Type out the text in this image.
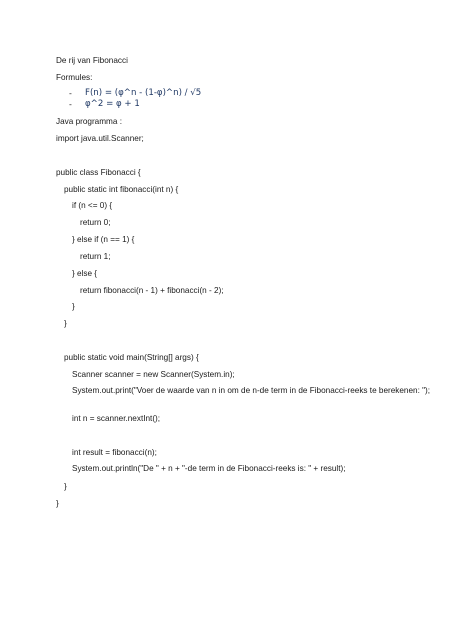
De rij van Fibonacci
Formules:
- F(n) = (φ^n - (1-φ)^n) / √5
- φ^2 = φ + 1
Java programma :
import java.util.Scanner;
public class Fibonacci {
public static int fibonacci(int n) {
if (n <= 0) {
return 0;
} else if (n == 1) {
return 1;
} else {
return fibonacci(n - 1) + fibonacci(n - 2);
}
}
public static void main(String[] args) {
Scanner scanner = new Scanner(System.in);
System.out.print("Voer de waarde van n in om de n-de term in de Fibonacci-reeks te berekenen: ");
int n = scanner.nextInt();
int result = fibonacci(n);
System.out.println("De " + n + "-de term in de Fibonacci-reeks is: " + result);
}
}
